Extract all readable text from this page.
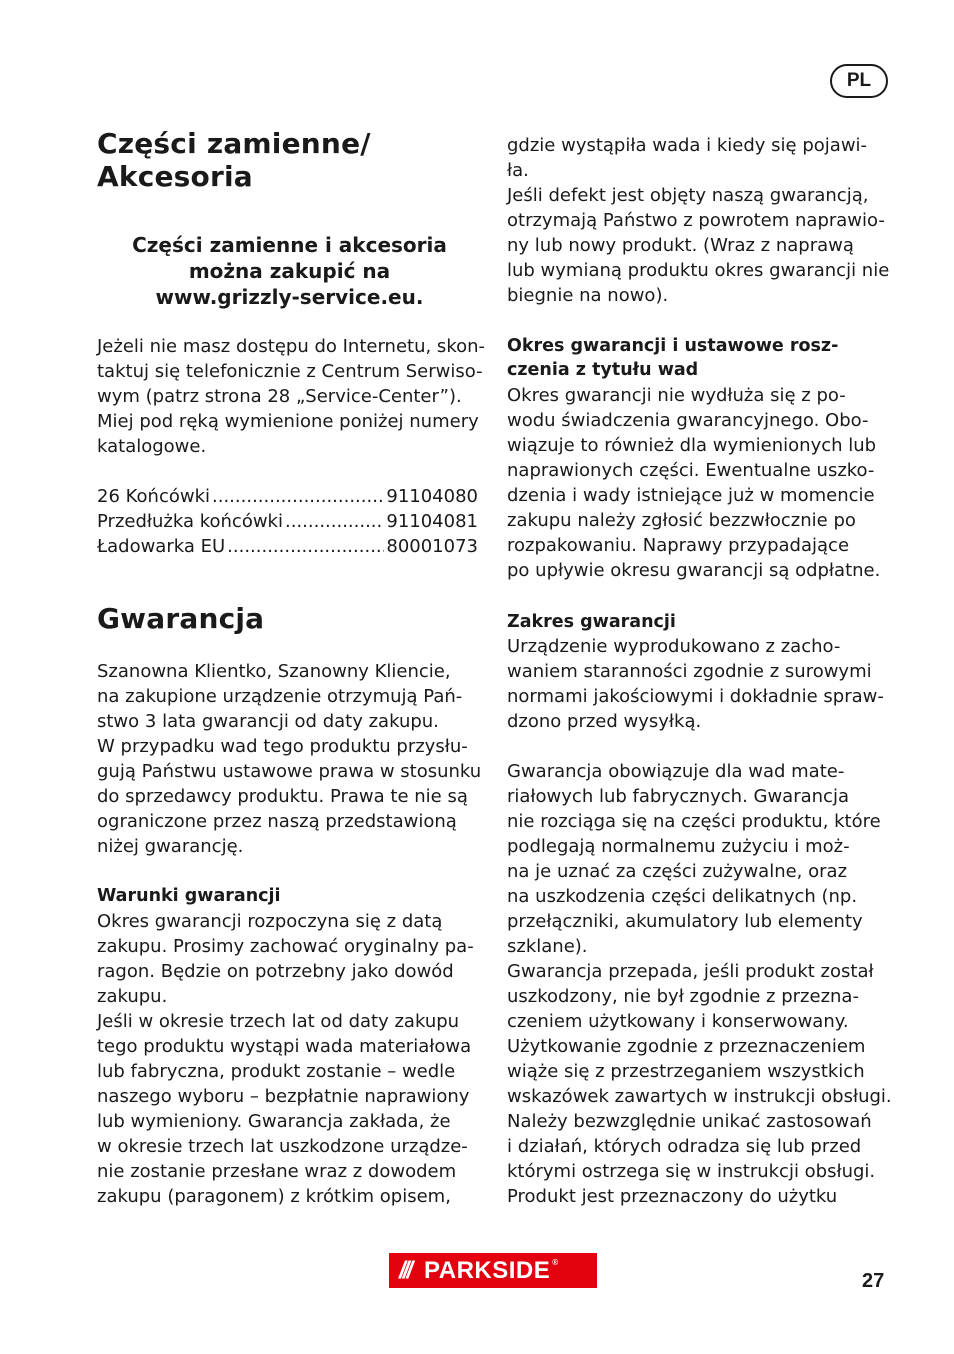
PL
Części zamienne/
Akcesoria
Części zamienne i akcesoria
można zakupić na
www.grizzly-service.eu.
Jeżeli nie masz dostępu do Internetu, skon-
taktuj się telefonicznie z Centrum Serwiso-
wym (patrz strona 28 „Service-Center”).
Miej pod ręką wymienione poniżej numery
katalogowe.
26 Końcówki .....	91104080
Przedłużka końcówki .....	91104081
Ładowarka EU .....	80001073
Gwarancja
Szanowna Klientko, Szanowny Kliencie,
na zakupione urządzenie otrzymują Pań-
stwo 3 lata gwarancji od daty zakupu.
W przypadku wad tego produktu przysłu-
gują Państwu ustawowe prawa w stosunku
do sprzedawcy produktu. Prawa te nie są
ograniczone przez naszą przedstawioną
niżej gwarancję.
Warunki gwarancji
Okres gwarancji rozpoczyna się z datą
zakupu. Prosimy zachować oryginalny pa-
ragon. Będzie on potrzebny jako dowód
zakupu.
Jeśli w okresie trzech lat od daty zakupu
tego produktu wystąpi wada materiałowa
lub fabryczna, produkt zostanie – wedle
naszego wyboru – bezpłatnie naprawiony
lub wymieniony. Gwarancja zakłada, że
w okresie trzech lat uszkodzone urządze-
nie zostanie przesłane wraz z dowodem
zakupu (paragonem) z krótkim opisem,
gdzie wystąpiła wada i kiedy się pojawi-
ła.
Jeśli defekt jest objęty naszą gwarancją,
otrzymają Państwo z powrotem naprawio-
ny lub nowy produkt. (Wraz z naprawą
lub wymianą produktu okres gwarancji nie
biegnie na nowo).
Okres gwarancji i ustawowe rosz-
czenia z tytułu wad
Okres gwarancji nie wydłuża się z po-
wodu świadczenia gwarancyjnego. Obo-
wiązuje to również dla wymienionych lub
naprawionych części. Ewentualne uszko-
dzenia i wady istniejące już w momencie
zakupu należy zgłosić bezzwłocznie po
rozpakowaniu. Naprawy przypadające
po upływie okresu gwarancji są odpłatne.
Zakres gwarancji
Urządzenie wyprodukowano z zacho-
waniem staranności zgodnie z surowymi
normami jakościowymi i dokładnie spraw-
dzono przed wysyłką.
Gwarancja obowiązuje dla wad mate-
riałowych lub fabrycznych. Gwarancja
nie rozciąga się na części produktu, które
podlegają normalnemu zużyciu i moż-
na je uznać za części zużywalne, oraz
na uszkodzenia części delikatnych (np.
przełączniki, akumulatory lub elementy
szklane).
Gwarancja przepada, jeśli produkt został
uszkodzony, nie był zgodnie z przezna-
czeniem użytkowany i konserwowany.
Użytkowanie zgodnie z przeznaczeniem
wiąże się z przestrzeganiem wszystkich
wskazówek zawartych w instrukcji obsługi.
Należy bezwzględnie unikać zastosowań
i działań, których odradza się lub przed
którymi ostrzega się w instrukcji obsługi.
Produkt jest przeznaczony do użytku
/// PARKSIDE ®
27
